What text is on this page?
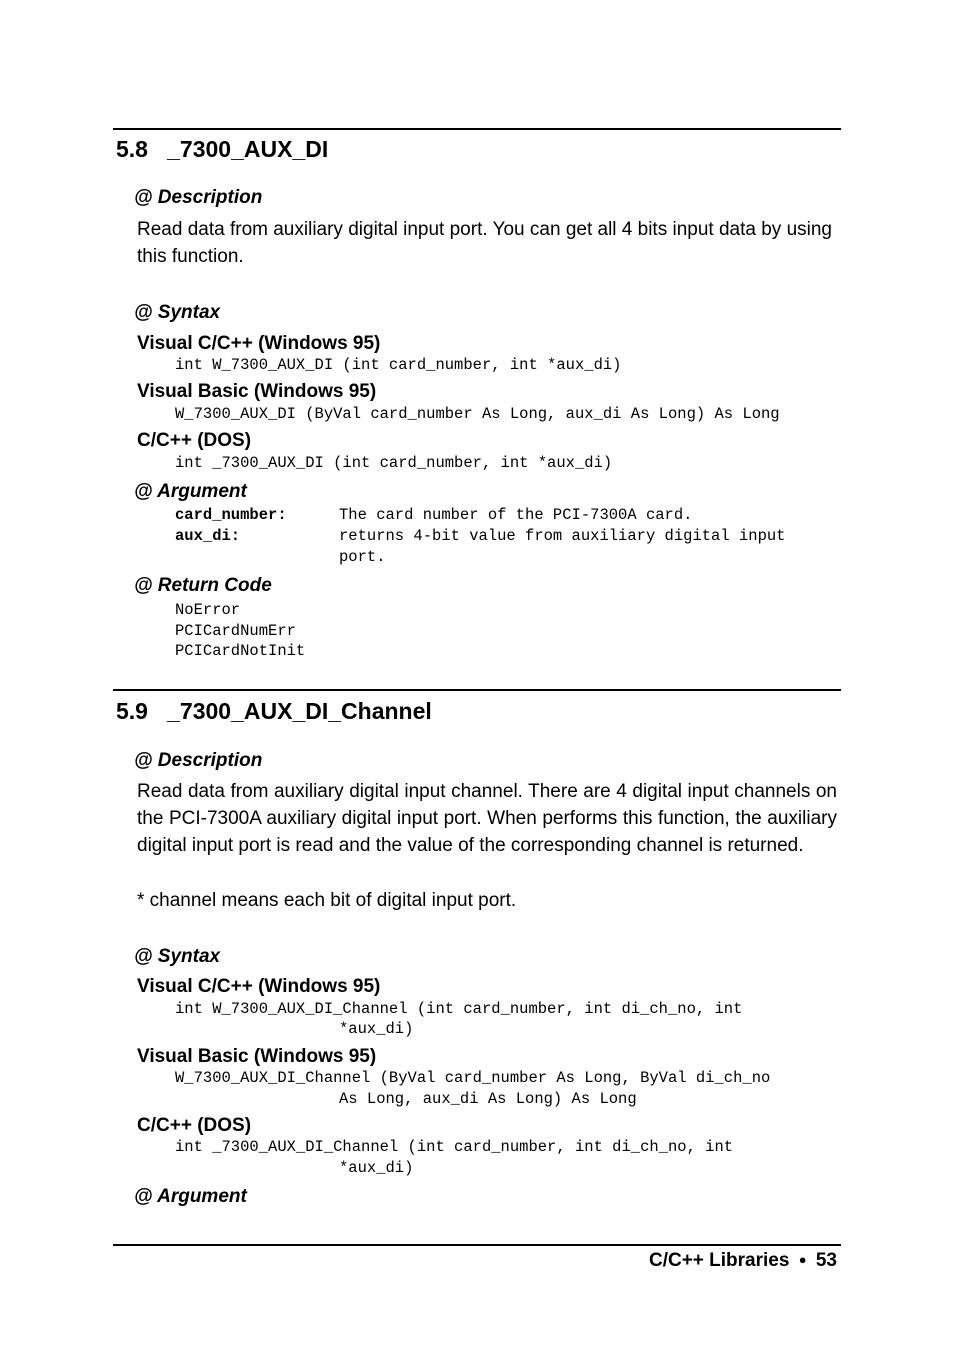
5.8   _7300_AUX_DI
@ Description
Read data from auxiliary digital input port. You can get all 4 bits input data by using this function.
@ Syntax
Visual C/C++ (Windows 95)
int W_7300_AUX_DI (int card_number, int *aux_di)
Visual Basic (Windows 95)
W_7300_AUX_DI (ByVal card_number As Long, aux_di As Long) As Long
C/C++ (DOS)
int _7300_AUX_DI (int card_number, int *aux_di)
@ Argument
card_number:	The card number of the PCI-7300A card.
aux_di:	returns 4-bit value from auxiliary digital input
port.
@ Return Code
NoError
PCICardNumErr
PCICardNotInit
5.9   _7300_AUX_DI_Channel
@ Description
Read data from auxiliary digital input channel. There are 4 digital input channels on the PCI-7300A auxiliary digital input port. When performs this function, the auxiliary digital input port is read and the value of the corresponding channel is returned.
* channel means each bit of digital input port.
@ Syntax
Visual C/C++ (Windows 95)
int W_7300_AUX_DI_Channel (int card_number, int di_ch_no, int
*aux_di)
Visual Basic (Windows 95)
W_7300_AUX_DI_Channel (ByVal card_number As Long, ByVal di_ch_no
As Long, aux_di As Long) As Long
C/C++ (DOS)
int _7300_AUX_DI_Channel (int card_number, int di_ch_no, int
*aux_di)
@ Argument
C/C++ Libraries ● 53
